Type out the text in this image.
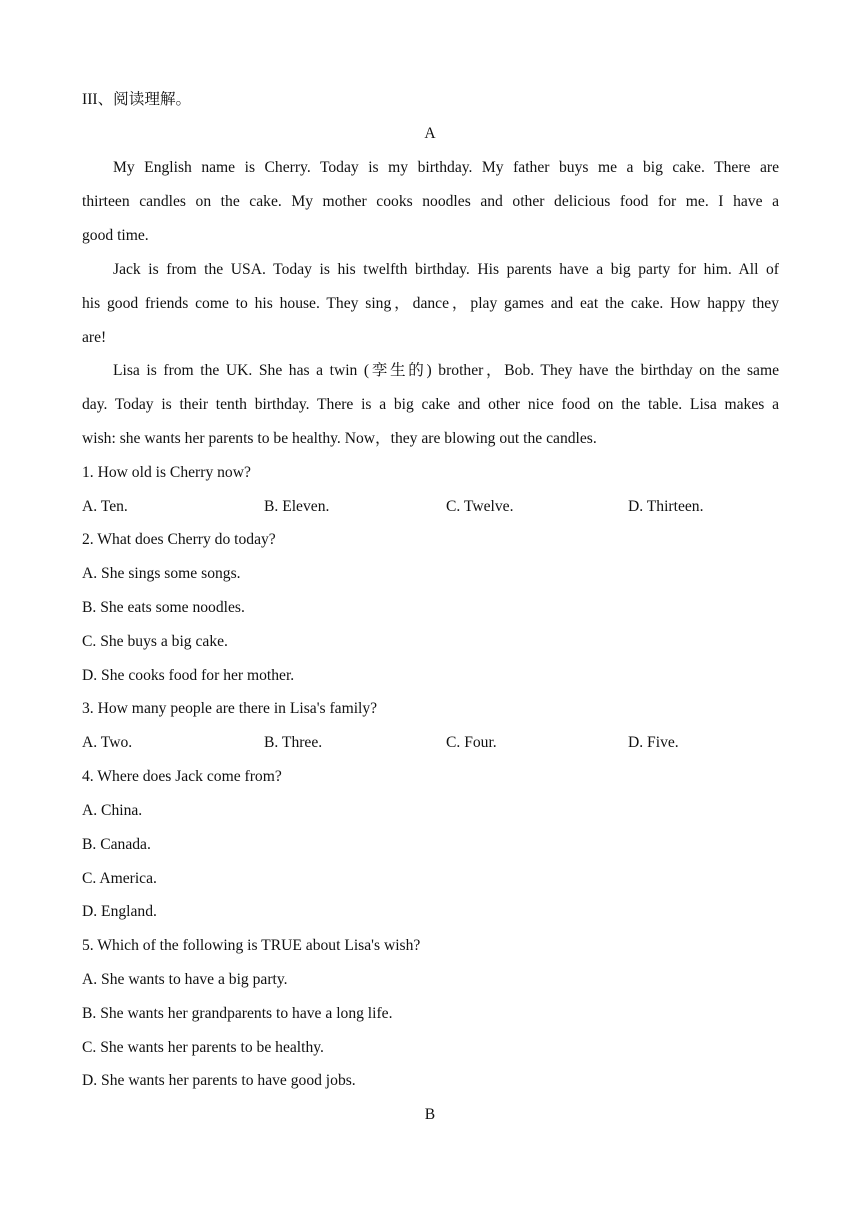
III、阅读理解。
A
My English name is Cherry. Today is my birthday. My father buys me a big cake. There are
thirteen candles on the cake. My mother cooks noodles and other delicious food for me. I have a
good time.
Jack is from the USA. Today is his twelfth birthday. His parents have a big party for him. All of
his good friends come to his house. They sing，dance，play games and eat the cake. How happy they
are!
Lisa is from the UK. She has a twin (孪生的) brother，Bob. They have the birthday on the same
day. Today is their tenth birthday. There is a big cake and other nice food on the table. Lisa makes a
wish: she wants her parents to be healthy. Now，they are blowing out the candles.
1. How old is Cherry now?
A. Ten.	B. Eleven.	C. Twelve.	D. Thirteen.
2. What does Cherry do today?
A. She sings some songs.
B. She eats some noodles.
C. She buys a big cake.
D. She cooks food for her mother.
3. How many people are there in Lisa's family?
A. Two.	B. Three.	C. Four.	D. Five.
4. Where does Jack come from?
A. China.
B. Canada.
C. America.
D. England.
5. Which of the following is TRUE about Lisa's wish?
A. She wants to have a big party.
B. She wants her grandparents to have a long life.
C. She wants her parents to be healthy.
D. She wants her parents to have good jobs.
B
